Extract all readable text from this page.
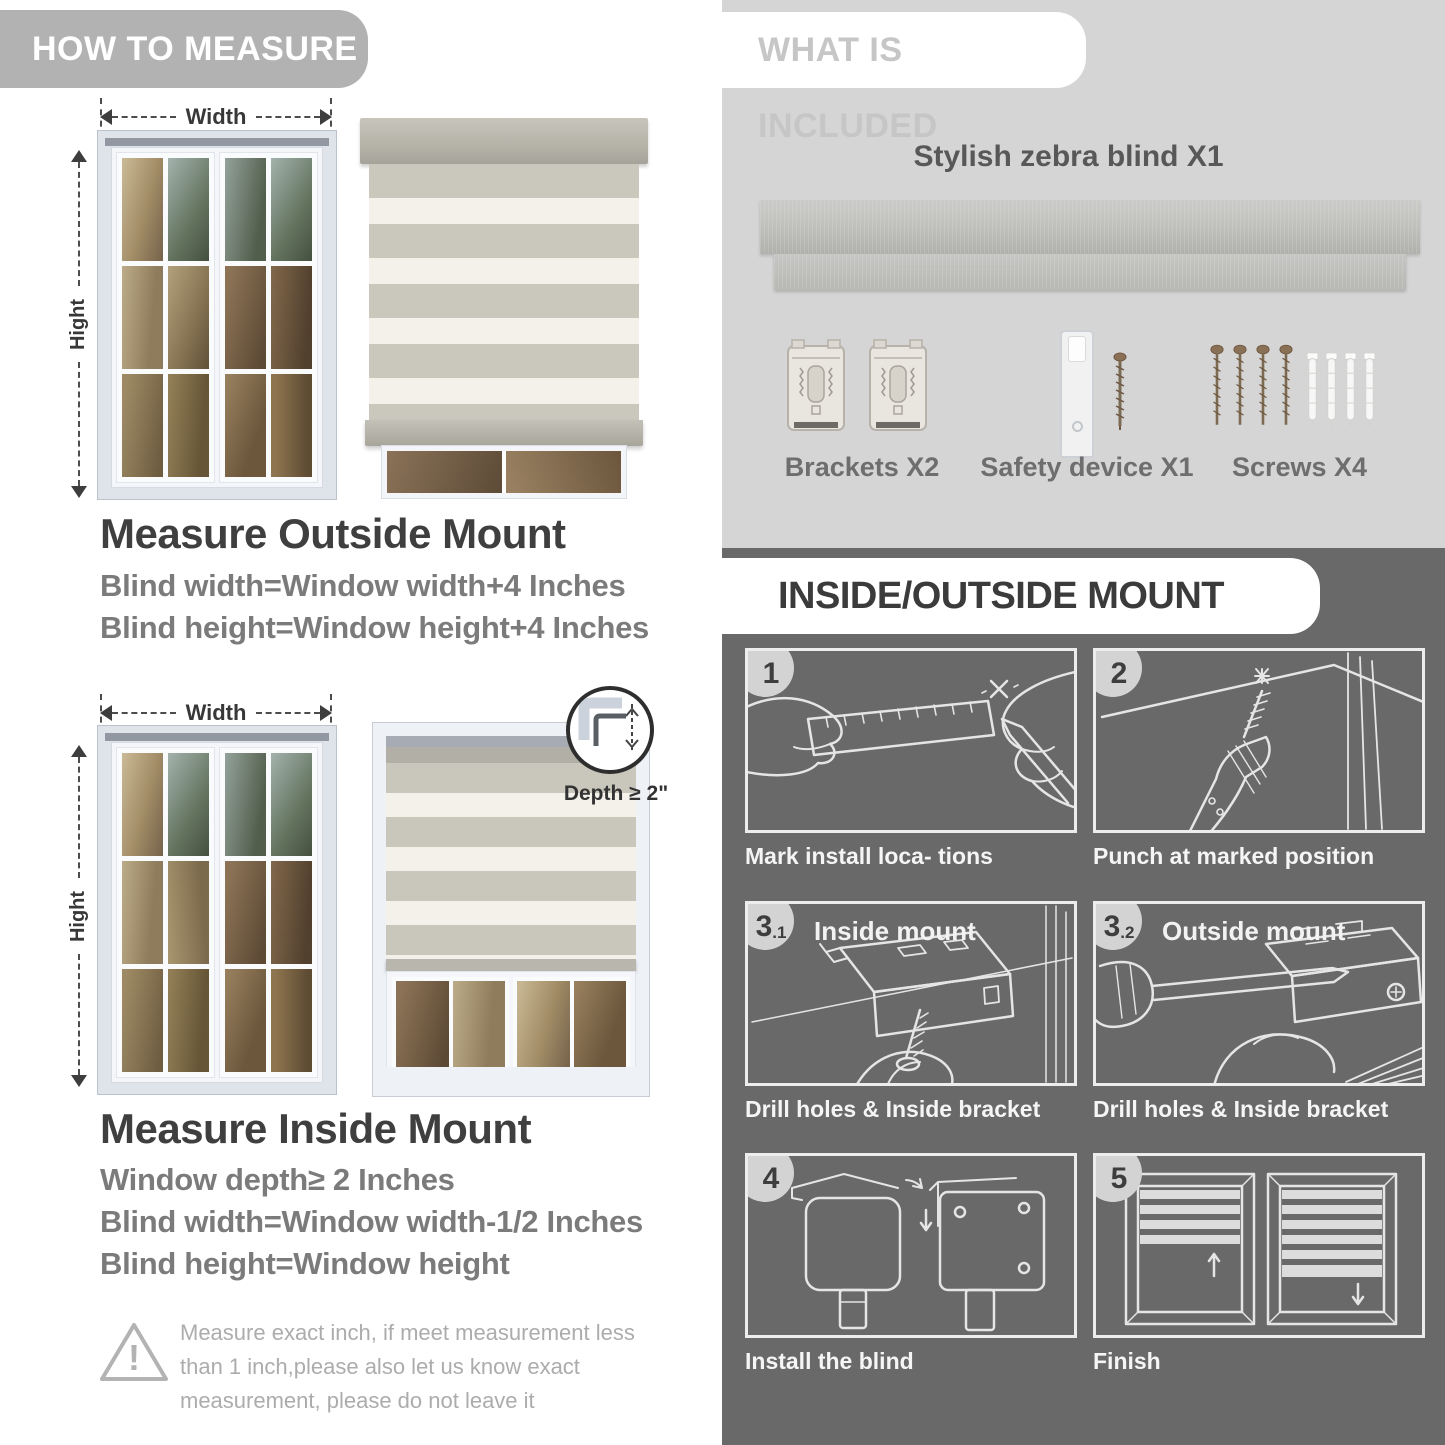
HOW TO MEASURE
Width
Hight
Measure Outside Mount

Blind width=Window width+4 Inches

Blind height=Window height+4 Inches

Width
Hight
Depth ≥ 2"
Measure Inside Mount

Window depth≥ 2 Inches

Blind width=Window width-1/2 Inches

Blind height=Window height

!

Measure exact inch, if meet measurement less than 1 inch,please also let us know exact measurement, please do not leave it

WHAT IS INCLUDED
Stylish zebra blind X1
Brackets X2	Safety device X1	Screws X4
INSIDE/OUTSIDE MOUNT
1
Mark install loca- tions
2
Punch at marked position
3 .1 Inside mount
Drill holes & Inside bracket
3 .2 Outside mount
Drill holes & Inside bracket
4
Install the blind
5
Finish
